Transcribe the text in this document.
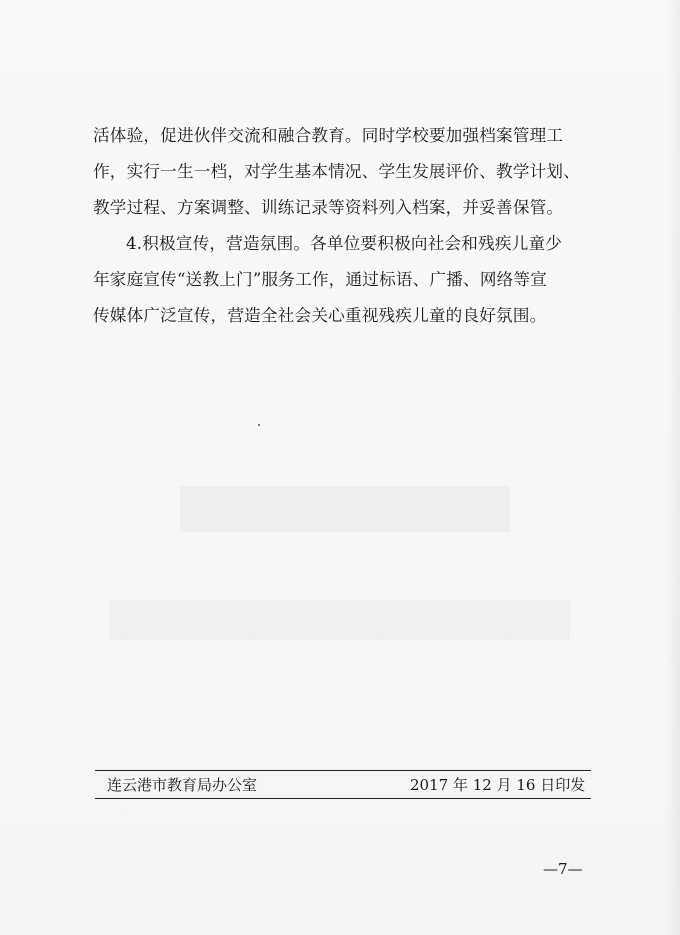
活体验，促进伙伴交流和融合教育。同时学校要加强档案管理工
作，实行一生一档，对学生基本情况、学生发展评价、教学计划、
教学过程、方案调整、训练记录等资料列入档案，并妥善保管。
4.积极宣传，营造氛围。各单位要积极向社会和残疾儿童少
年家庭宣传“送教上门”服务工作，通过标语、广播、网络等宣
传媒体广泛宣传，营造全社会关心重视残疾儿童的良好氛围。
连云港市教育局办公室	2017 年 12 月 16 日印发
—7—
